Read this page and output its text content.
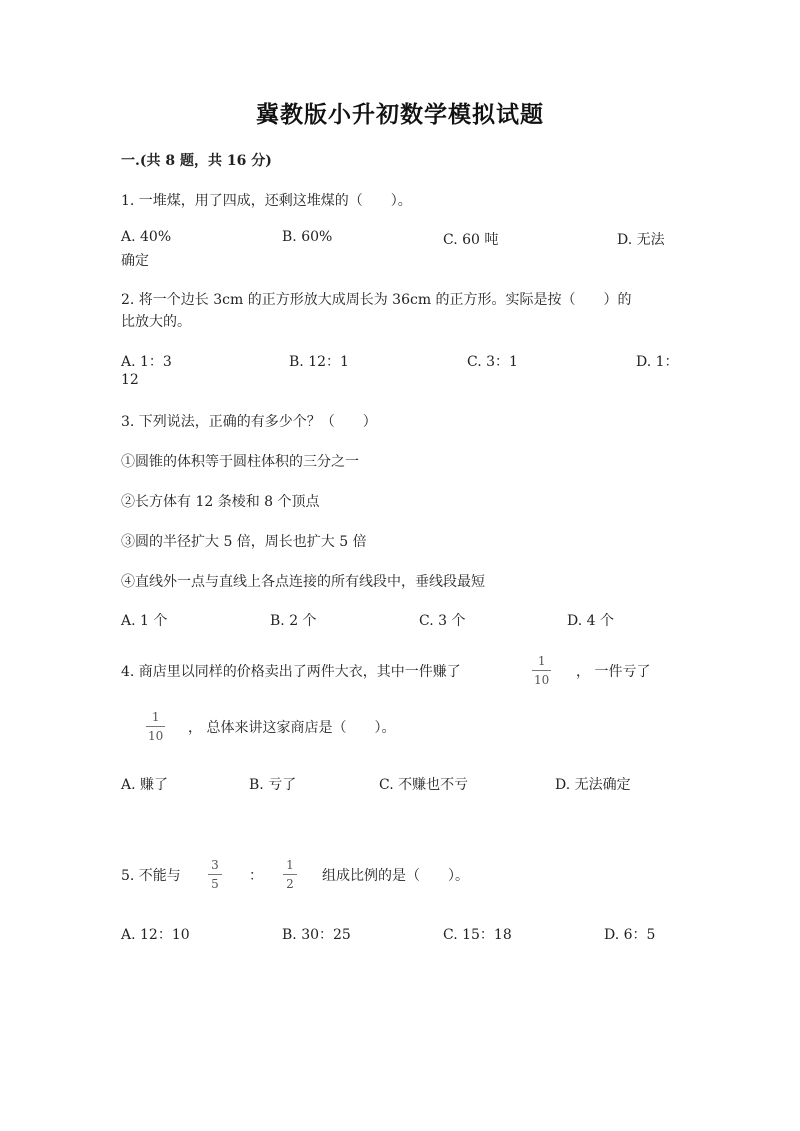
冀教版小升初数学模拟试题
一.(共 8 题，共 16 分)
1. 一堆煤，用了四成，还剩这堆煤的（　　）。
A. 40%	B. 60%	C. 60 吨	D. 无法
确定
2. 将一个边长 3cm 的正方形放大成周长为 36cm 的正方形。实际是按（　　）的
比放大的。
A. 1：3	B. 12：1	C. 3：1	D. 1：
12
3. 下列说法，正确的有多少个？（　　）
①圆锥的体积等于圆柱体积的三分之一
②长方体有 12 条棱和 8 个顶点
③圆的半径扩大 5 倍，周长也扩大 5 倍
④直线外一点与直线上各点连接的所有线段中，垂线段最短
A. 1 个	B. 2 个	C. 3 个	D. 4 个
4. 商店里以同样的价格卖出了两件大衣，其中一件赚了
1
10 ， 一件亏了
1
10 ， 总体来讲这家商店是（　　）。
A. 赚了	B. 亏了	C. 不赚也不亏	D. 无法确定
5. 不能与
3
5 ：
1
2 组成比例的是（　　）。
A. 12：10	B. 30：25	C. 15：18	D. 6：5
